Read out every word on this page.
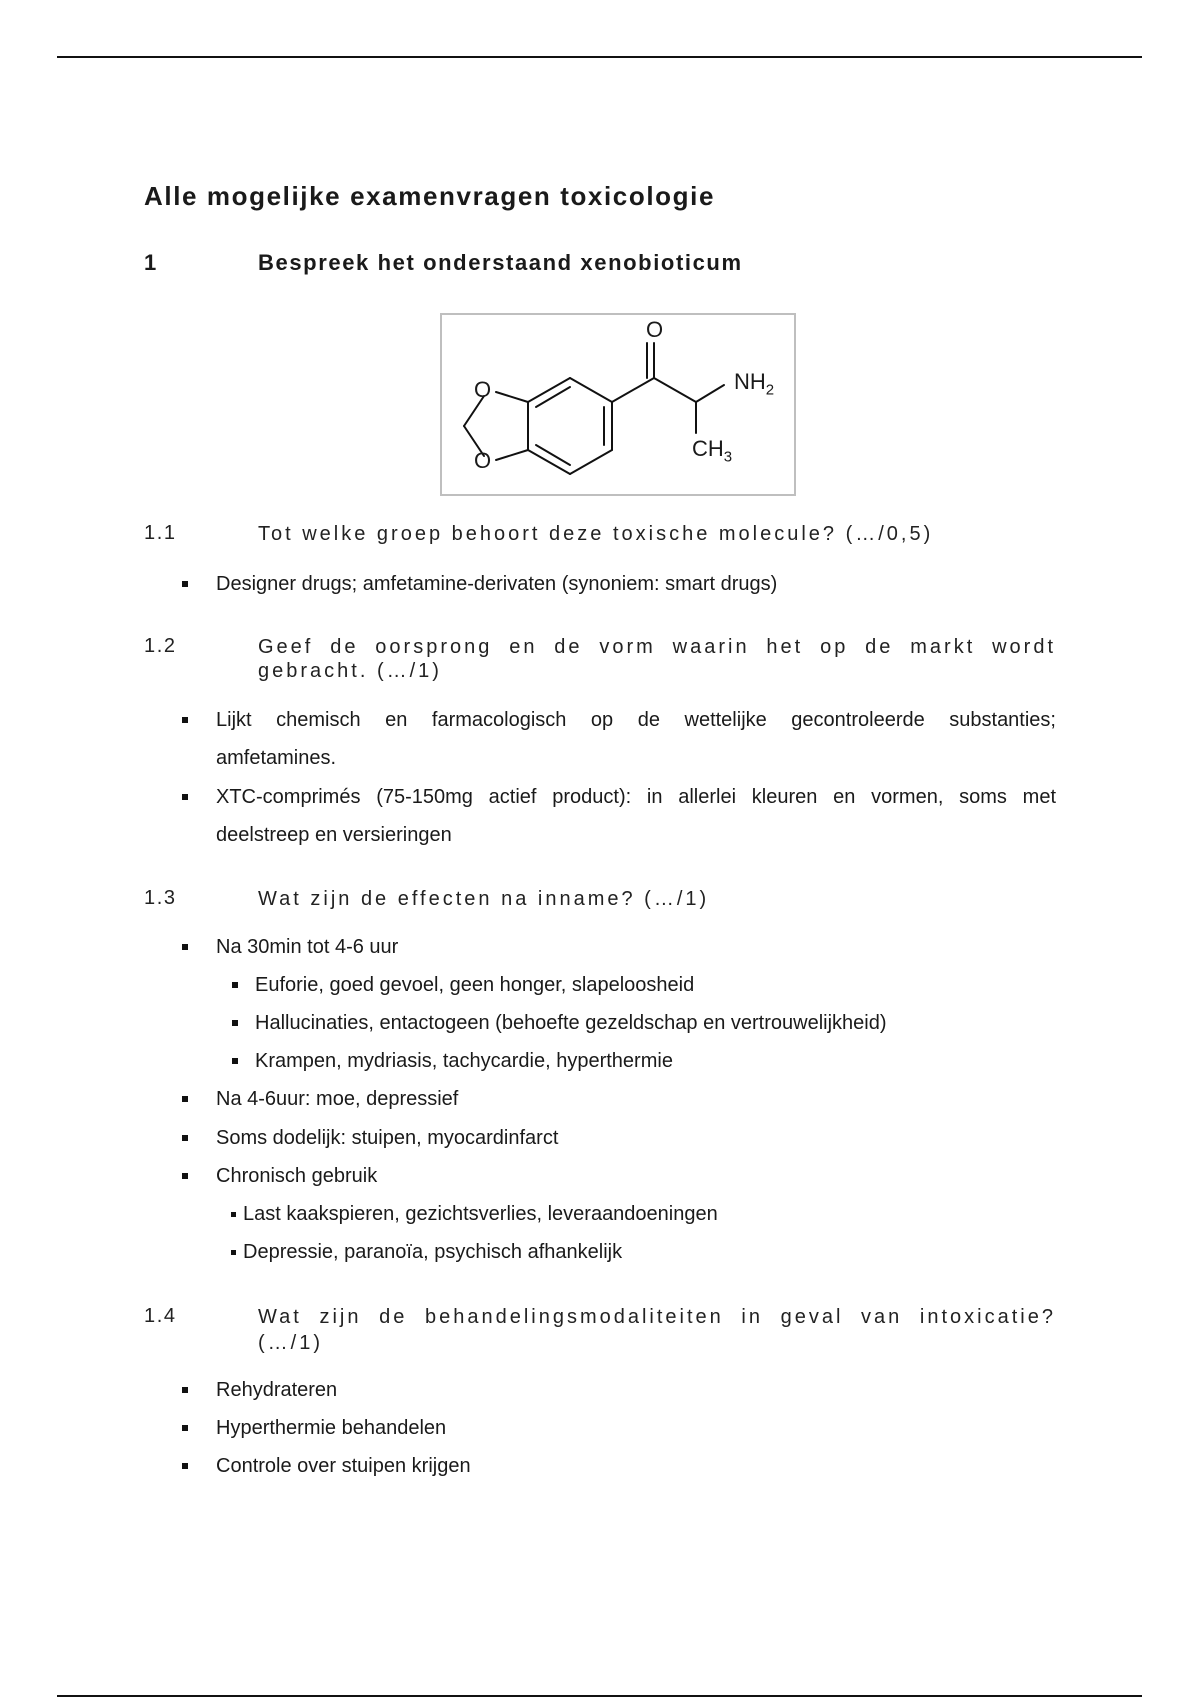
Alle mogelijke examenvragen toxicologie
1	Bespreek het onderstaand xenobioticum
O
$NH_2$
$CH_3$
O
O
1.1	Tot welke groep behoort deze toxische molecule? (…/0,5)
Designer drugs; amfetamine-derivaten (synoniem: smart drugs)
1.2	Geef de oorsprong en de vorm waarin het op de markt wordt
gebracht. (…/1)
Lijkt chemisch en farmacologisch op de wettelijke gecontroleerde substanties;
amfetamines.
XTC-comprimés (75-150mg actief product): in allerlei kleuren en vormen, soms met
deelstreep en versieringen
1.3	Wat zijn de effecten na inname? (…/1)
Na 30min tot 4-6 uur
Euforie, goed gevoel, geen honger, slapeloosheid
Hallucinaties, entactogeen (behoefte gezeldschap en vertrouwelijkheid)
Krampen, mydriasis, tachycardie, hyperthermie
Na 4-6uur: moe, depressief
Soms dodelijk: stuipen, myocardinfarct
Chronisch gebruik
Last kaakspieren, gezichtsverlies, leveraandoeningen
Depressie, paranoïa, psychisch afhankelijk
1.4	Wat zijn de behandelingsmodaliteiten in geval van intoxicatie?
(…/1)
Rehydrateren
Hyperthermie behandelen
Controle over stuipen krijgen
